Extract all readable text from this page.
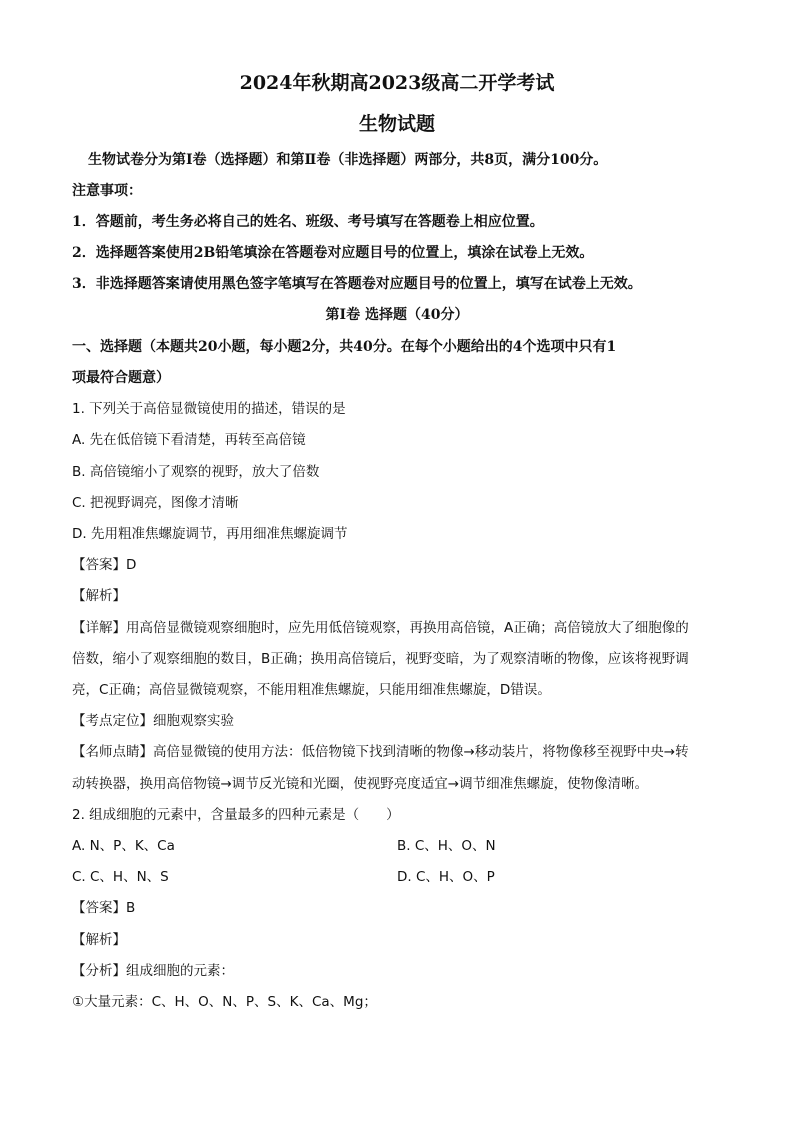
2024年秋期高2023级高二开学考试
生物试题
生物试卷分为第Ⅰ卷（选择题）和第Ⅱ卷（非选择题）两部分，共8页，满分100分。
注意事项：
1．答题前，考生务必将自己的姓名、班级、考号填写在答题卷上相应位置。
2．选择题答案使用2B铅笔填涂在答题卷对应题目号的位置上，填涂在试卷上无效。
3．非选择题答案请使用黑色签字笔填写在答题卷对应题目号的位置上，填写在试卷上无效。
第Ⅰ卷 选择题（40分）
一、选择题（本题共20小题，每小题2分，共40分。在每个小题给出的4个选项中只有1
项最符合题意）
1. 下列关于高倍显微镜使用的描述，错误的是
A. 先在低倍镜下看清楚，再转至高倍镜
B. 高倍镜缩小了观察的视野，放大了倍数
C. 把视野调亮，图像才清晰
D. 先用粗准焦螺旋调节，再用细准焦螺旋调节
【答案】D
【解析】
【详解】用高倍显微镜观察细胞时，应先用低倍镜观察，再换用高倍镜，A正确；高倍镜放大了细胞像的
倍数，缩小了观察细胞的数目，B正确；换用高倍镜后，视野变暗，为了观察清晰的物像，应该将视野调
亮，C正确；高倍显微镜观察，不能用粗准焦螺旋，只能用细准焦螺旋，D错误。
【考点定位】细胞观察实验
【名师点睛】高倍显微镜的使用方法：低倍物镜下找到清晰的物像→移动装片，将物像移至视野中央→转
动转换器，换用高倍物镜→调节反光镜和光圈，使视野亮度适宜→调节细准焦螺旋，使物像清晰。
2. 组成细胞的元素中，含量最多的四种元素是（　　）
A. N、P、K、Ca	B. C、H、O、N
C. C、H、N、S	D. C、H、O、P
【答案】B
【解析】
【分析】组成细胞的元素：
①大量元素：C、H、O、N、P、S、K、Ca、Mg；
